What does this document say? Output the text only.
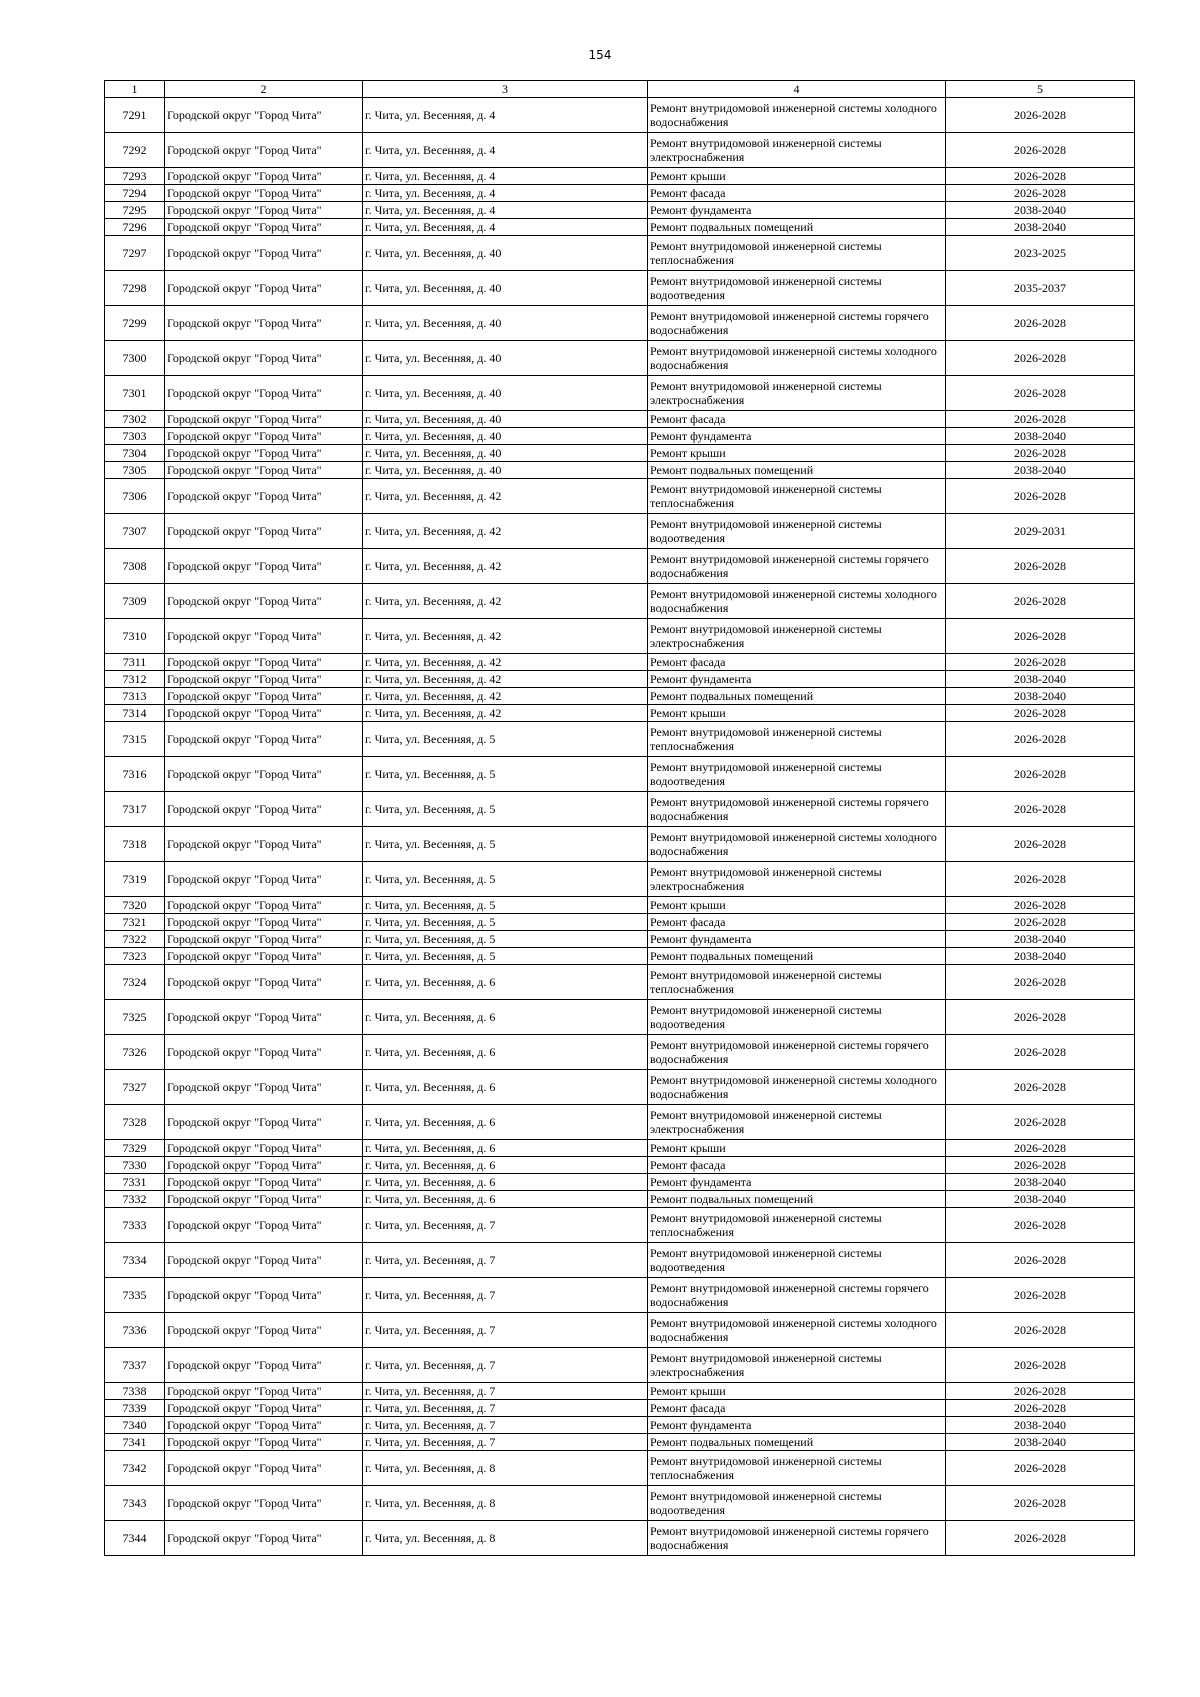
154
1	2	3	4	5
7291	Городской округ "Город Чита"	г. Чита, ул. Весенняя, д. 4	Ремонт внутридомовой инженерной системы холодного водоснабжения	2026-2028
7292	Городской округ "Город Чита"	г. Чита, ул. Весенняя, д. 4	Ремонт внутридомовой инженерной системы электроснабжения	2026-2028
7293	Городской округ "Город Чита"	г. Чита, ул. Весенняя, д. 4	Ремонт крыши	2026-2028
7294	Городской округ "Город Чита"	г. Чита, ул. Весенняя, д. 4	Ремонт фасада	2026-2028
7295	Городской округ "Город Чита"	г. Чита, ул. Весенняя, д. 4	Ремонт фундамента	2038-2040
7296	Городской округ "Город Чита"	г. Чита, ул. Весенняя, д. 4	Ремонт подвальных помещений	2038-2040
7297	Городской округ "Город Чита"	г. Чита, ул. Весенняя, д. 40	Ремонт внутридомовой инженерной системы теплоснабжения	2023-2025
7298	Городской округ "Город Чита"	г. Чита, ул. Весенняя, д. 40	Ремонт внутридомовой инженерной системы водоотведения	2035-2037
7299	Городской округ "Город Чита"	г. Чита, ул. Весенняя, д. 40	Ремонт внутридомовой инженерной системы горячего водоснабжения	2026-2028
7300	Городской округ "Город Чита"	г. Чита, ул. Весенняя, д. 40	Ремонт внутридомовой инженерной системы холодного водоснабжения	2026-2028
7301	Городской округ "Город Чита"	г. Чита, ул. Весенняя, д. 40	Ремонт внутридомовой инженерной системы электроснабжения	2026-2028
7302	Городской округ "Город Чита"	г. Чита, ул. Весенняя, д. 40	Ремонт фасада	2026-2028
7303	Городской округ "Город Чита"	г. Чита, ул. Весенняя, д. 40	Ремонт фундамента	2038-2040
7304	Городской округ "Город Чита"	г. Чита, ул. Весенняя, д. 40	Ремонт крыши	2026-2028
7305	Городской округ "Город Чита"	г. Чита, ул. Весенняя, д. 40	Ремонт подвальных помещений	2038-2040
7306	Городской округ "Город Чита"	г. Чита, ул. Весенняя, д. 42	Ремонт внутридомовой инженерной системы теплоснабжения	2026-2028
7307	Городской округ "Город Чита"	г. Чита, ул. Весенняя, д. 42	Ремонт внутридомовой инженерной системы водоотведения	2029-2031
7308	Городской округ "Город Чита"	г. Чита, ул. Весенняя, д. 42	Ремонт внутридомовой инженерной системы горячего водоснабжения	2026-2028
7309	Городской округ "Город Чита"	г. Чита, ул. Весенняя, д. 42	Ремонт внутридомовой инженерной системы холодного водоснабжения	2026-2028
7310	Городской округ "Город Чита"	г. Чита, ул. Весенняя, д. 42	Ремонт внутридомовой инженерной системы электроснабжения	2026-2028
7311	Городской округ "Город Чита"	г. Чита, ул. Весенняя, д. 42	Ремонт фасада	2026-2028
7312	Городской округ "Город Чита"	г. Чита, ул. Весенняя, д. 42	Ремонт фундамента	2038-2040
7313	Городской округ "Город Чита"	г. Чита, ул. Весенняя, д. 42	Ремонт подвальных помещений	2038-2040
7314	Городской округ "Город Чита"	г. Чита, ул. Весенняя, д. 42	Ремонт крыши	2026-2028
7315	Городской округ "Город Чита"	г. Чита, ул. Весенняя, д. 5	Ремонт внутридомовой инженерной системы теплоснабжения	2026-2028
7316	Городской округ "Город Чита"	г. Чита, ул. Весенняя, д. 5	Ремонт внутридомовой инженерной системы водоотведения	2026-2028
7317	Городской округ "Город Чита"	г. Чита, ул. Весенняя, д. 5	Ремонт внутридомовой инженерной системы горячего водоснабжения	2026-2028
7318	Городской округ "Город Чита"	г. Чита, ул. Весенняя, д. 5	Ремонт внутридомовой инженерной системы холодного водоснабжения	2026-2028
7319	Городской округ "Город Чита"	г. Чита, ул. Весенняя, д. 5	Ремонт внутридомовой инженерной системы электроснабжения	2026-2028
7320	Городской округ "Город Чита"	г. Чита, ул. Весенняя, д. 5	Ремонт крыши	2026-2028
7321	Городской округ "Город Чита"	г. Чита, ул. Весенняя, д. 5	Ремонт фасада	2026-2028
7322	Городской округ "Город Чита"	г. Чита, ул. Весенняя, д. 5	Ремонт фундамента	2038-2040
7323	Городской округ "Город Чита"	г. Чита, ул. Весенняя, д. 5	Ремонт подвальных помещений	2038-2040
7324	Городской округ "Город Чита"	г. Чита, ул. Весенняя, д. 6	Ремонт внутридомовой инженерной системы теплоснабжения	2026-2028
7325	Городской округ "Город Чита"	г. Чита, ул. Весенняя, д. 6	Ремонт внутридомовой инженерной системы водоотведения	2026-2028
7326	Городской округ "Город Чита"	г. Чита, ул. Весенняя, д. 6	Ремонт внутридомовой инженерной системы горячего водоснабжения	2026-2028
7327	Городской округ "Город Чита"	г. Чита, ул. Весенняя, д. 6	Ремонт внутридомовой инженерной системы холодного водоснабжения	2026-2028
7328	Городской округ "Город Чита"	г. Чита, ул. Весенняя, д. 6	Ремонт внутридомовой инженерной системы электроснабжения	2026-2028
7329	Городской округ "Город Чита"	г. Чита, ул. Весенняя, д. 6	Ремонт крыши	2026-2028
7330	Городской округ "Город Чита"	г. Чита, ул. Весенняя, д. 6	Ремонт фасада	2026-2028
7331	Городской округ "Город Чита"	г. Чита, ул. Весенняя, д. 6	Ремонт фундамента	2038-2040
7332	Городской округ "Город Чита"	г. Чита, ул. Весенняя, д. 6	Ремонт подвальных помещений	2038-2040
7333	Городской округ "Город Чита"	г. Чита, ул. Весенняя, д. 7	Ремонт внутридомовой инженерной системы теплоснабжения	2026-2028
7334	Городской округ "Город Чита"	г. Чита, ул. Весенняя, д. 7	Ремонт внутридомовой инженерной системы водоотведения	2026-2028
7335	Городской округ "Город Чита"	г. Чита, ул. Весенняя, д. 7	Ремонт внутридомовой инженерной системы горячего водоснабжения	2026-2028
7336	Городской округ "Город Чита"	г. Чита, ул. Весенняя, д. 7	Ремонт внутридомовой инженерной системы холодного водоснабжения	2026-2028
7337	Городской округ "Город Чита"	г. Чита, ул. Весенняя, д. 7	Ремонт внутридомовой инженерной системы электроснабжения	2026-2028
7338	Городской округ "Город Чита"	г. Чита, ул. Весенняя, д. 7	Ремонт крыши	2026-2028
7339	Городской округ "Город Чита"	г. Чита, ул. Весенняя, д. 7	Ремонт фасада	2026-2028
7340	Городской округ "Город Чита"	г. Чита, ул. Весенняя, д. 7	Ремонт фундамента	2038-2040
7341	Городской округ "Город Чита"	г. Чита, ул. Весенняя, д. 7	Ремонт подвальных помещений	2038-2040
7342	Городской округ "Город Чита"	г. Чита, ул. Весенняя, д. 8	Ремонт внутридомовой инженерной системы теплоснабжения	2026-2028
7343	Городской округ "Город Чита"	г. Чита, ул. Весенняя, д. 8	Ремонт внутридомовой инженерной системы водоотведения	2026-2028
7344	Городской округ "Город Чита"	г. Чита, ул. Весенняя, д. 8	Ремонт внутридомовой инженерной системы горячего водоснабжения	2026-2028
